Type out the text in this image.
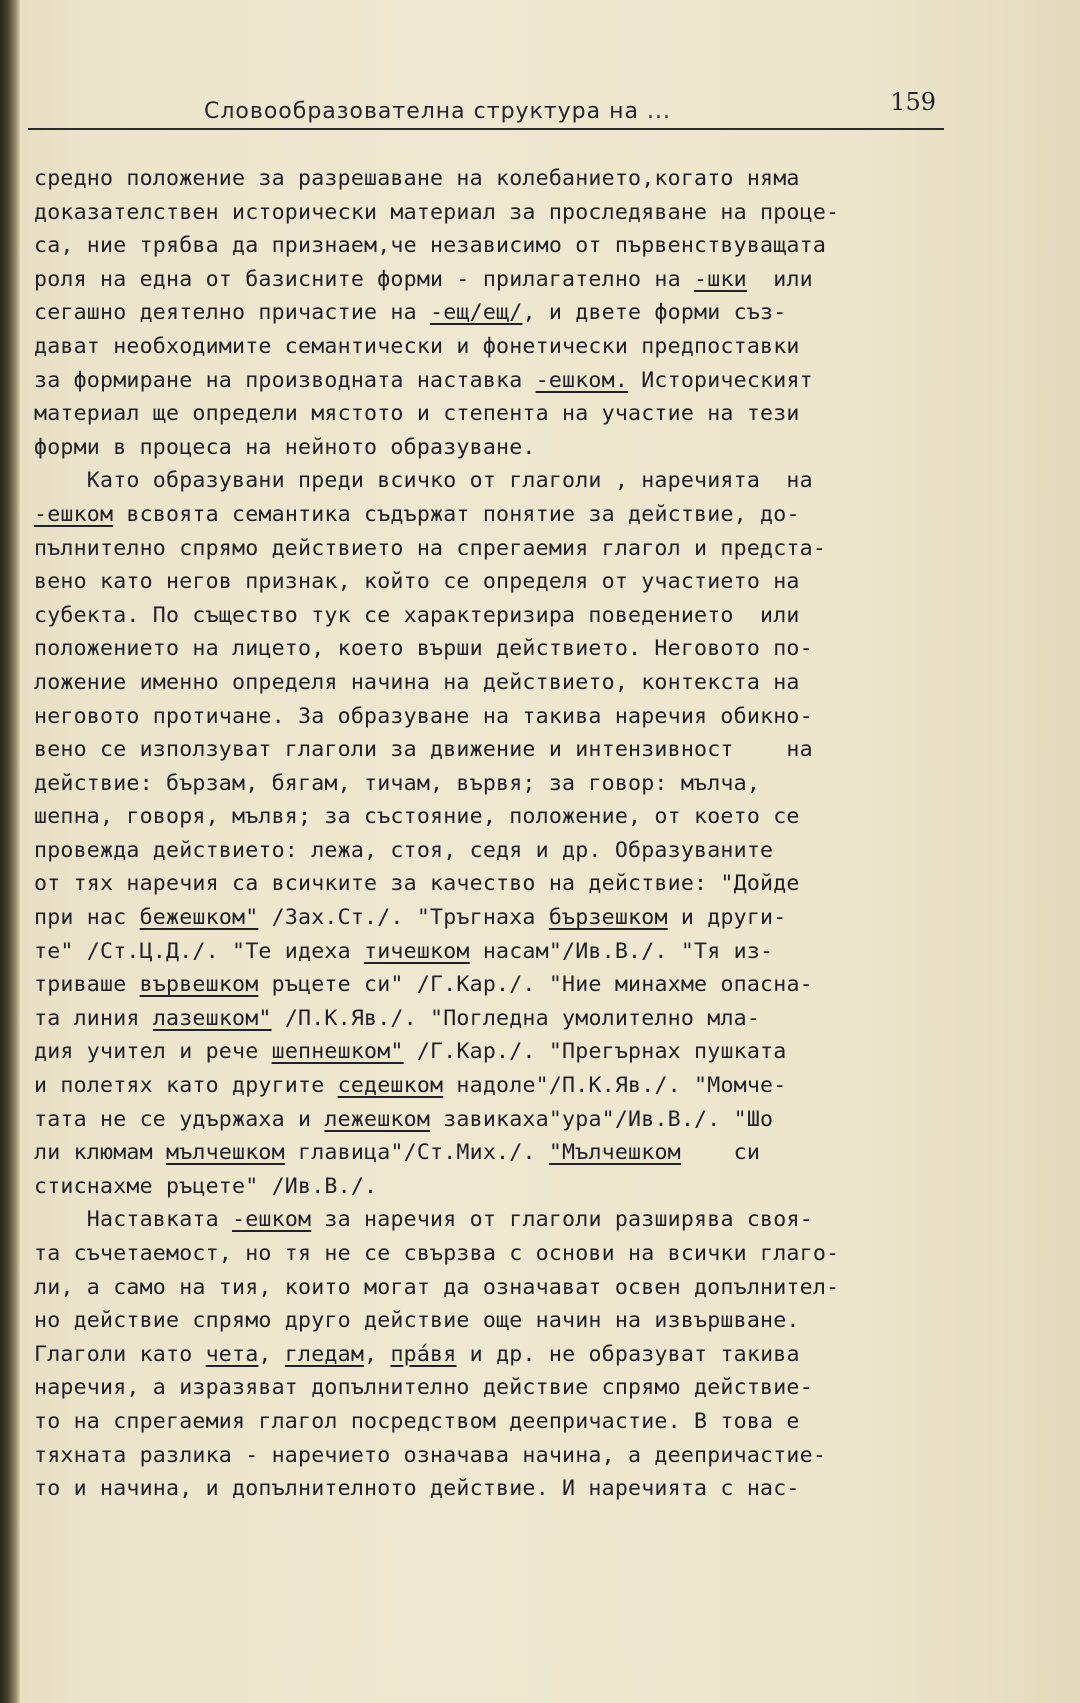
Словообразователна структура на ...	159
средно положение за разрешаване на колебанието,когато няма
доказателствен исторически материал за проследяване на проце-
са, ние трябва да признаем,че независимо от първенствуващата
роля на една от базисните форми - прилагателно на -шки  или
сегашно деятелно причастие на -ещ/ещ/, и двете форми съз-
дават необходимите семантически и фонетически предпоставки
за формиране на производната наставка -ешком. Историческият
материал ще определи мястото и степента на участие на тези
форми в процеса на нейното образуване.
Като образувани преди всичко от глаголи , наречията  на
-ешком всвоята семантика съдържат понятие за действие, до-
пълнително спрямо действието на спрегаемия глагол и предста-
вено като негов признак, който се определя от участието на
субекта. По същество тук се характеризира поведението  или
положението на лицето, което върши действието. Неговото по-
ложение именно определя начина на действието, контекста на
неговото протичане. За образуване на такива наречия обикно-
вено се използуват глаголи за движение и интензивност    на
действие: бързам, бягам, тичам, вървя; за говор: мълча,
шепна, говоря, мълвя; за състояние, положение, от което се
провежда действието: лежа, стоя, седя и др. Образуваните
от тях наречия са всичките за качество на действие: "Дойде
при нас бежешком" /Зах.Ст./. "Тръгнаха бързешком и други-
те" /Ст.Ц.Д./. "Те идеха тичешком насам"/Ив.В./. "Тя из-
триваше вървешком ръцете си" /Г.Кар./. "Ние минахме опасна-
та линия лазешком" /П.К.Яв./. "Погледна умолително мла-
дия учител и рече шепнешком" /Г.Кар./. "Прегърнах пушката
и полетях като другите седешком надоле"/П.К.Яв./. "Момче-
тата не се удържаха и лежешком завикаха"ура"/Ив.В./. "Шо
ли клюмам мълчешком главица"/Ст.Мих./. "Мълчешком    си
стиснахме ръцете" /Ив.В./.
Наставката -ешком за наречия от глаголи разширява своя-
та съчетаемост, но тя не се свързва с основи на всички глаго-
ли, а само на тия, които могат да означават освен допълнител-
но действие спрямо друго действие още начин на извършване.
Глаголи като чета, гледам, прáвя и др. не образуват такива
наречия, а изразяват допълнително действие спрямо действие-
то на спрегаемия глагол посредством деепричастие. В това е
тяхната разлика - наречието означава начина, а деепричастие-
то и начина, и допълнителното действие. И наречията с нас-
